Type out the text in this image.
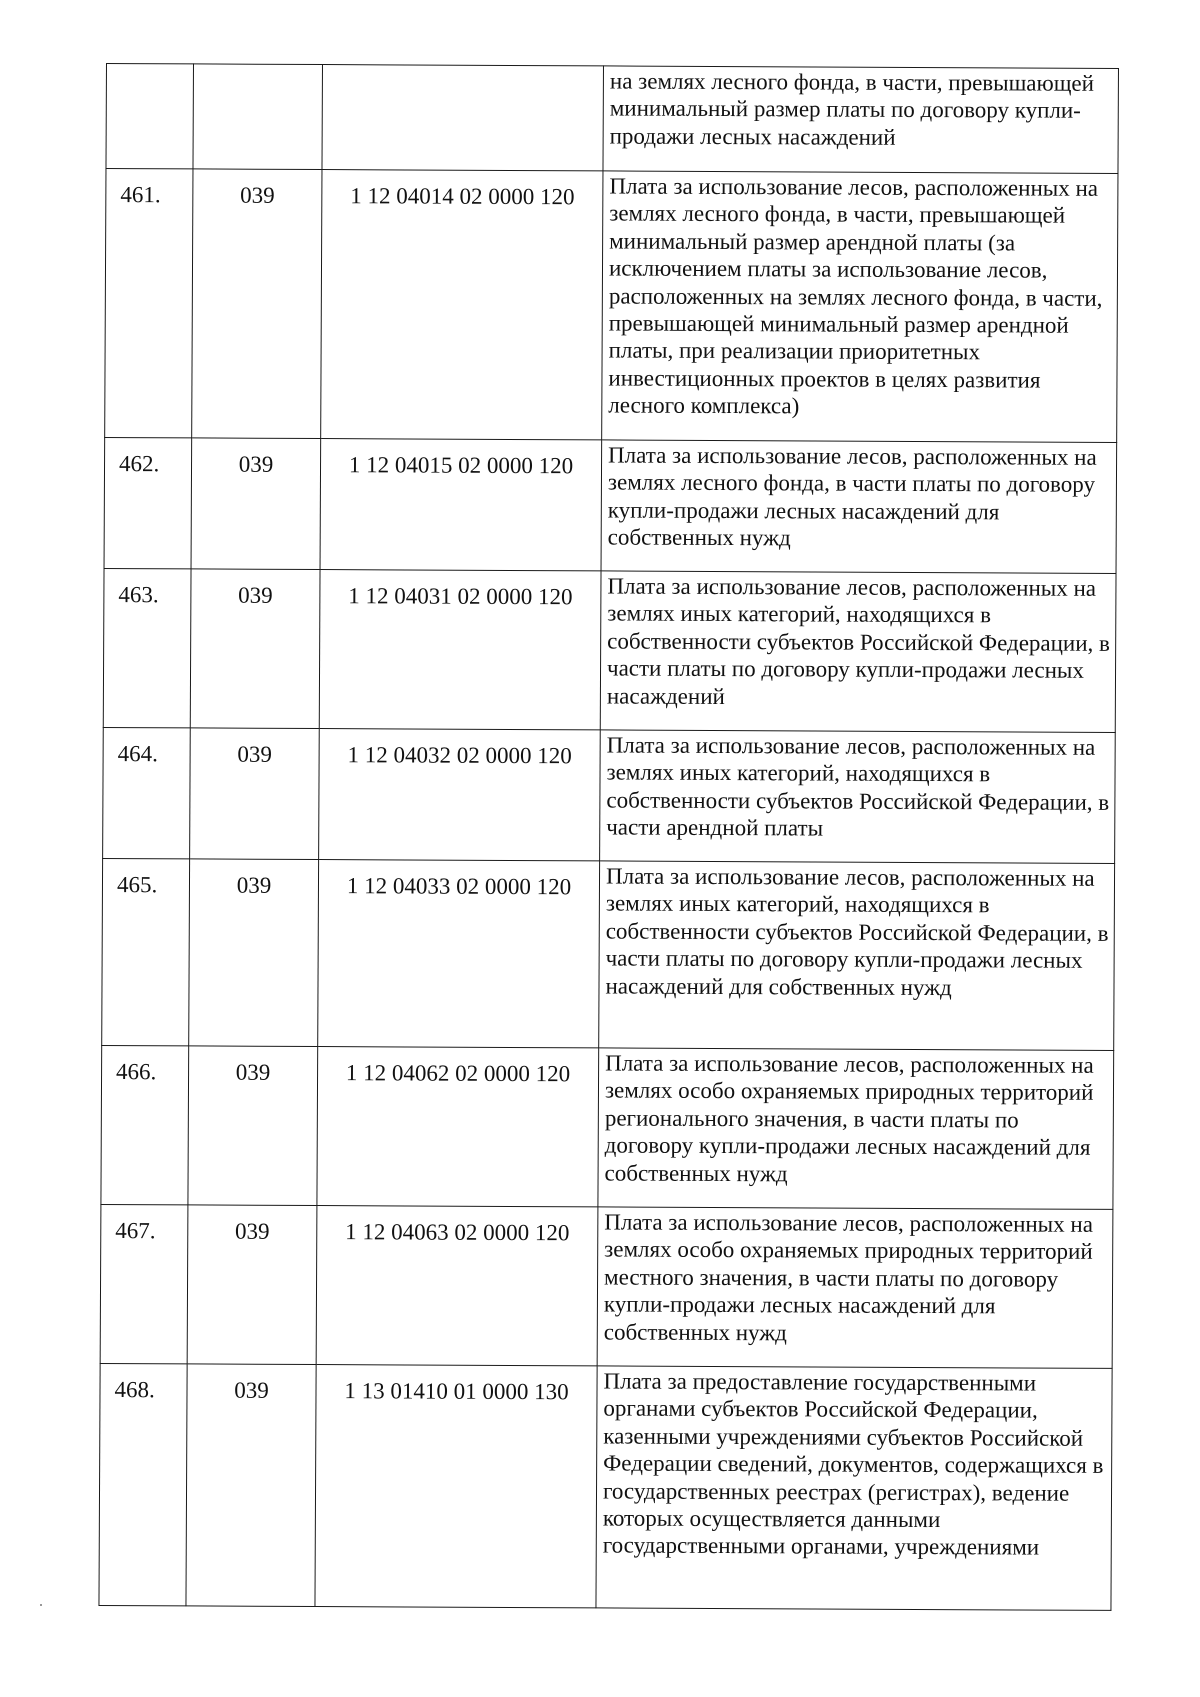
			на землях лесного фонда, в части, превышающей минимальный размер платы по договору купли-продажи лесных насаждений
461.	039	1 12 04014 02 0000 120	Плата за использование лесов, расположенных на землях лесного фонда, в части, превышающей минимальный размер арендной платы (за исключением платы за использование лесов, расположенных на землях лесного фонда, в части, превышающей минимальный размер арендной платы, при реализации приоритетных инвестиционных проектов в целях развития лесного комплекса)
462.	039	1 12 04015 02 0000 120	Плата за использование лесов, расположенных на землях лесного фонда, в части платы по договору купли-продажи лесных насаждений для собственных нужд
463.	039	1 12 04031 02 0000 120	Плата за использование лесов, расположенных на землях иных категорий, находящихся в собственности субъектов Российской Федерации, в части платы по договору купли-продажи лесных насаждений
464.	039	1 12 04032 02 0000 120	Плата за использование лесов, расположенных на землях иных категорий, находящихся в собственности субъектов Российской Федерации, в части арендной платы
465.	039	1 12 04033 02 0000 120	Плата за использование лесов, расположенных на землях иных категорий, находящихся в собственности субъектов Российской Федерации, в части платы по договору купли-продажи лесных насаждений для собственных нужд
466.	039	1 12 04062 02 0000 120	Плата за использование лесов, расположенных на землях особо охраняемых природных территорий регионального значения, в части платы по договору купли-продажи лесных насаждений для собственных нужд
467.	039	1 12 04063 02 0000 120	Плата за использование лесов, расположенных на землях особо охраняемых природных территорий местного значения, в части платы по договору купли-продажи лесных насаждений для собственных нужд
468.	039	1 13 01410 01 0000 130	Плата за предоставление государственными органами субъектов Российской Федерации, казенными учреждениями субъектов Российской Федерации сведений, документов, содержащихся в государственных реестрах (регистрах), ведение которых осуществляется данными государственными органами, учреждениями
